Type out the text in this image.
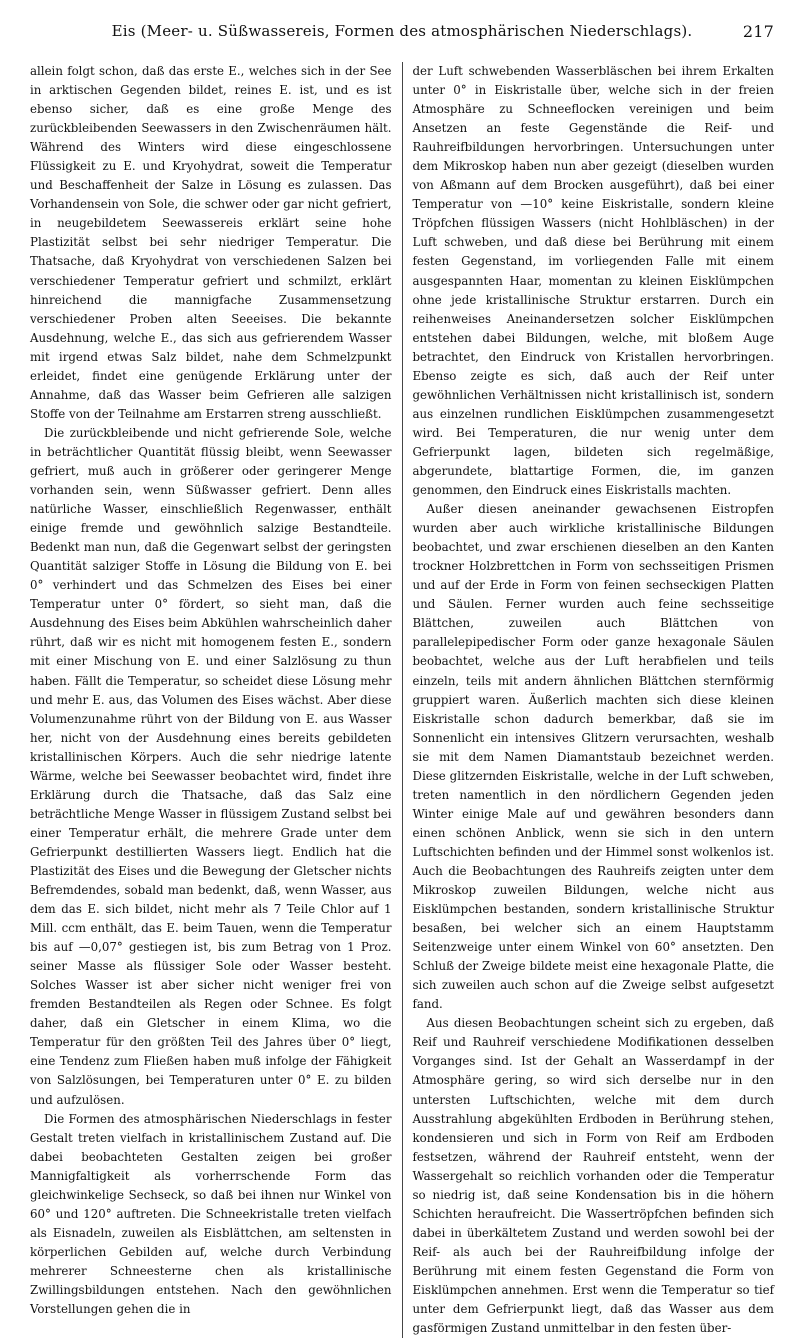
Eis (Meer- u. Süßwassereis, Formen des atmosphärischen Niederschlags).	217

allein folgt schon, daß das erste E., welches sich in der See in arktischen Gegenden bildet, reines E. ist, und es ist ebenso sicher, daß es eine große Menge des zurückbleibenden Seewassers in den Zwischenräumen hält. Während des Winters wird diese eingeschlossene Flüssigkeit zu E. und Kryohydrat, soweit die Temperatur und Beschaffenheit der Salze in Lösung es zulassen. Das Vorhandensein von Sole, die schwer oder gar nicht gefriert, in neugebildetem Seewassereis erklärt seine hohe Plastizität selbst bei sehr niedriger Temperatur. Die Thatsache, daß Kryohydrat von verschiedenen Salzen bei verschiedener Temperatur gefriert und schmilzt, erklärt hinreichend die mannigfache Zusammensetzung verschiedener Proben alten Seeeises. Die bekannte Ausdehnung, welche E., das sich aus gefrierendem Wasser mit irgend etwas Salz bildet, nahe dem Schmelzpunkt erleidet, findet eine genügende Erklärung unter der Annahme, daß das Wasser beim Gefrieren alle salzigen Stoffe von der Teilnahme am Erstarren streng ausschließt.

Die zurückbleibende und nicht gefrierende Sole, welche in beträchtlicher Quantität flüssig bleibt, wenn Seewasser gefriert, muß auch in größerer oder geringerer Menge vorhanden sein, wenn Süßwasser gefriert. Denn alles natürliche Wasser, einschließlich Regenwasser, enthält einige fremde und gewöhnlich salzige Bestandteile. Bedenkt man nun, daß die Gegenwart selbst der geringsten Quantität salziger Stoffe in Lösung die Bildung von E. bei 0° verhindert und das Schmelzen des Eises bei einer Temperatur unter 0° fördert, so sieht man, daß die Ausdehnung des Eises beim Abkühlen wahrscheinlich daher rührt, daß wir es nicht mit homogenem festen E., sondern mit einer Mischung von E. und einer Salzlösung zu thun haben. Fällt die Temperatur, so scheidet diese Lösung mehr und mehr E. aus, das Volumen des Eises wächst. Aber diese Volumenzunahme rührt von der Bildung von E. aus Wasser her, nicht von der Ausdehnung eines bereits gebildeten kristallinischen Körpers. Auch die sehr niedrige latente Wärme, welche bei Seewasser beobachtet wird, findet ihre Erklärung durch die Thatsache, daß das Salz eine beträchtliche Menge Wasser in flüssigem Zustand selbst bei einer Temperatur erhält, die mehrere Grade unter dem Gefrierpunkt destillierten Wassers liegt. Endlich hat die Plastizität des Eises und die Bewegung der Gletscher nichts Befremdendes, sobald man bedenkt, daß, wenn Wasser, aus dem das E. sich bildet, nicht mehr als 7 Teile Chlor auf 1 Mill. ccm enthält, das E. beim Tauen, wenn die Temperatur bis auf —0,07° gestiegen ist, bis zum Betrag von 1 Proz. seiner Masse als flüssiger Sole oder Wasser besteht. Solches Wasser ist aber sicher nicht weniger frei von fremden Bestandteilen als Regen oder Schnee. Es folgt daher, daß ein Gletscher in einem Klima, wo die Temperatur für den größten Teil des Jahres über 0° liegt, eine Tendenz zum Fließen haben muß infolge der Fähigkeit von Salzlösungen, bei Temperaturen unter 0° E. zu bilden und aufzulösen.

Die Formen des atmosphärischen Niederschlags in fester Gestalt treten vielfach in kristallinischem Zustand auf. Die dabei beobachteten Gestalten zeigen bei großer Mannigfaltigkeit als vorherrschende Form das gleichwinkelige Sechseck, so daß bei ihnen nur Winkel von 60° und 120° auftreten. Die Schneekristalle treten vielfach als Eisnadeln, zuweilen als Eisblättchen, am seltensten in körperlichen Gebilden auf, welche durch Verbindung mehrerer Schneesterne chen als kristallinische Zwillingsbildungen entstehen. Nach den gewöhnlichen Vorstellungen gehen die in

der Luft schwebenden Wasserbläschen bei ihrem Erkalten unter 0° in Eiskristalle über, welche sich in der freien Atmosphäre zu Schneeflocken vereinigen und beim Ansetzen an feste Gegenstände die Reif- und Rauhreifbildungen hervorbringen. Untersuchungen unter dem Mikroskop haben nun aber gezeigt (dieselben wurden von Aßmann auf dem Brocken ausgeführt), daß bei einer Temperatur von —10° keine Eiskristalle, sondern kleine Tröpfchen flüssigen Wassers (nicht Hohlbläschen) in der Luft schweben, und daß diese bei Berührung mit einem festen Gegenstand, im vorliegenden Falle mit einem ausgespannten Haar, momentan zu kleinen Eisklümpchen ohne jede kristallinische Struktur erstarren. Durch ein reihenweises Aneinandersetzen solcher Eisklümpchen entstehen dabei Bildungen, welche, mit bloßem Auge betrachtet, den Eindruck von Kristallen hervorbringen. Ebenso zeigte es sich, daß auch der Reif unter gewöhnlichen Verhältnissen nicht kristallinisch ist, sondern aus einzelnen rundlichen Eisklümpchen zusammengesetzt wird. Bei Temperaturen, die nur wenig unter dem Gefrierpunkt lagen, bildeten sich regelmäßige, abgerundete, blattartige Formen, die, im ganzen genommen, den Eindruck eines Eiskristalls machten.

Außer diesen aneinander gewachsenen Eistropfen wurden aber auch wirkliche kristallinische Bildungen beobachtet, und zwar erschienen dieselben an den Kanten trockner Holzbrettchen in Form von sechsseitigen Prismen und auf der Erde in Form von feinen sechseckigen Platten und Säulen. Ferner wurden auch feine sechsseitige Blättchen, zuweilen auch Blättchen von parallelepipedischer Form oder ganze hexagonale Säulen beobachtet, welche aus der Luft herabfielen und teils einzeln, teils mit andern ähnlichen Blättchen sternförmig gruppiert waren. Äußerlich machten sich diese kleinen Eiskristalle schon dadurch bemerkbar, daß sie im Sonnenlicht ein intensives Glitzern verursachten, weshalb sie mit dem Namen Diamantstaub bezeichnet werden. Diese glitzernden Eiskristalle, welche in der Luft schweben, treten namentlich in den nördlichern Gegenden jeden Winter einige Male auf und gewähren besonders dann einen schönen Anblick, wenn sie sich in den untern Luftschichten befinden und der Himmel sonst wolkenlos ist. Auch die Beobachtungen des Rauhreifs zeigten unter dem Mikroskop zuweilen Bildungen, welche nicht aus Eisklümpchen bestanden, sondern kristallinische Struktur besaßen, bei welcher sich an einem Hauptstamm Seitenzweige unter einem Winkel von 60° ansetzten. Den Schluß der Zweige bildete meist eine hexagonale Platte, die sich zuweilen auch schon auf die Zweige selbst aufgesetzt fand.

Aus diesen Beobachtungen scheint sich zu ergeben, daß Reif und Rauhreif verschiedene Modifikationen desselben Vorganges sind. Ist der Gehalt an Wasserdampf in der Atmosphäre gering, so wird sich derselbe nur in den untersten Luftschichten, welche mit dem durch Ausstrahlung abgekühlten Erdboden in Berührung stehen, kondensieren und sich in Form von Reif am Erdboden festsetzen, während der Rauhreif entsteht, wenn der Wassergehalt so reichlich vorhanden oder die Temperatur so niedrig ist, daß seine Kondensation bis in die höhern Schichten heraufreicht. Die Wassertröpfchen befinden sich dabei in überkältetem Zustand und werden sowohl bei der Reif- als auch bei der Rauhreifbildung infolge der Berührung mit einem festen Gegenstand die Form von Eisklümpchen annehmen. Erst wenn die Temperatur so tief unter dem Gefrierpunkt liegt, daß das Wasser aus dem gasförmigen Zustand unmittelbar in den festen über-
